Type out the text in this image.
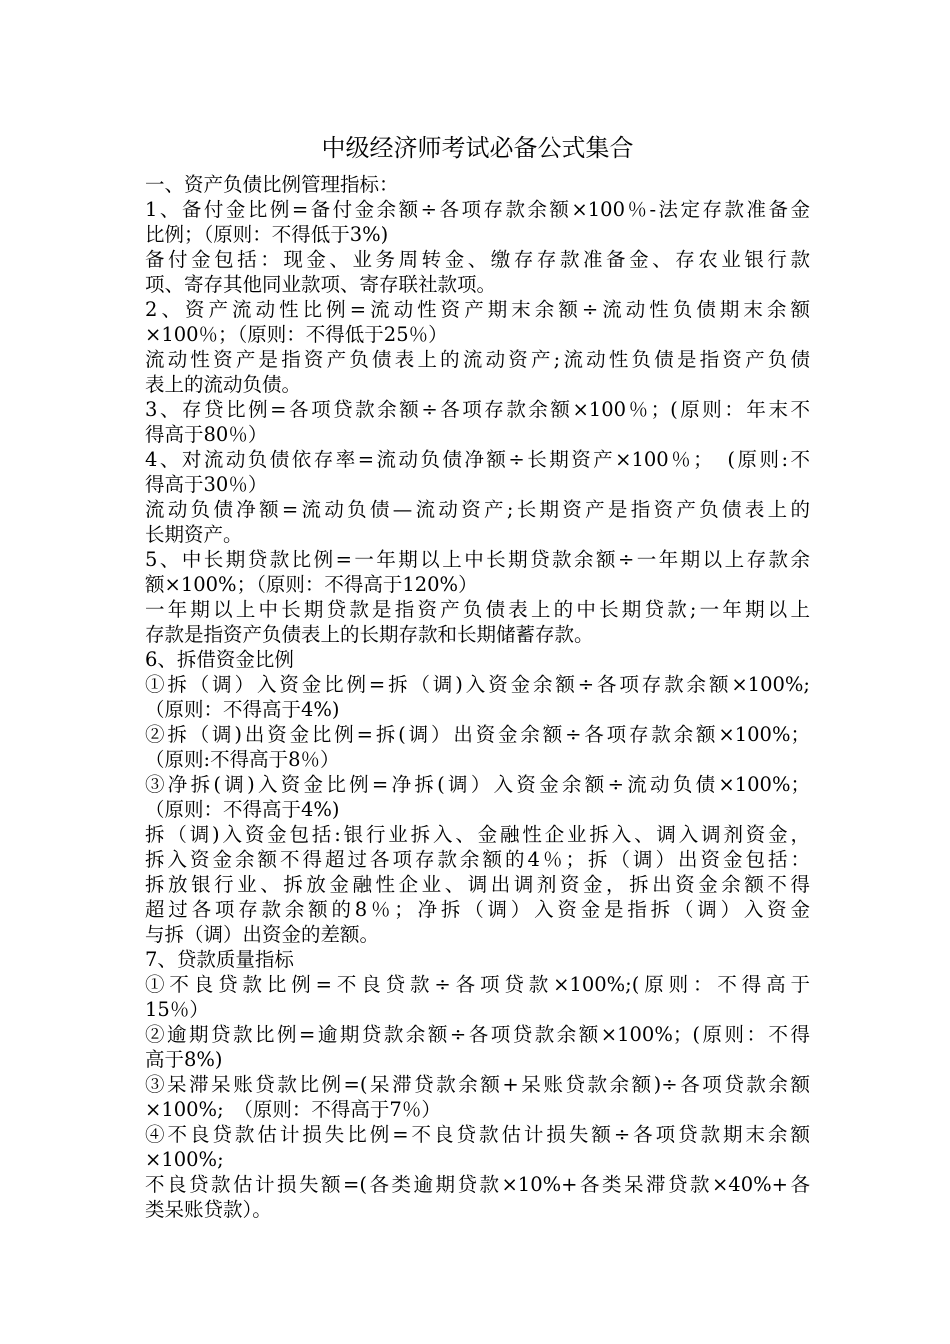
中级经济师考试必备公式集合

一、资产负债比例管理指标：

1、备付金比例=备付金余额÷各项存款余额×100％-法定存款准备金

比例；（原则：不得低于3%)

备付金包括：现金、业务周转金、缴存存款准备金、存农业银行款

项、寄存其他同业款项、寄存联社款项。

2、资产流动性比例=流动性资产期末余额÷流动性负债期末余额

×100％；（原则：不得低于25％）

流动性资产是指资产负债表上的流动资产;流动性负债是指资产负债

表上的流动负债。

3、存贷比例=各项贷款余额÷各项存款余额×100％；(原则：年末不

得高于80％）

4、对流动负债依存率=流动负债净额÷长期资产×100％；　(原则:不

得高于30％）

流动负债净额=流动负债—流动资产;长期资产是指资产负债表上的

长期资产。

5、中长期贷款比例=一年期以上中长期贷款余额÷一年期以上存款余

额×100%；（原则：不得高于120%）

一年期以上中长期贷款是指资产负债表上的中长期贷款;一年期以上

存款是指资产负债表上的长期存款和长期储蓄存款。

6、拆借资金比例

①拆（调）入资金比例=拆（调)入资金余额÷各项存款余额×100%;

（原则：不得高于4%)

②拆（调)出资金比例=拆(调）出资金余额÷各项存款余额×100%；

（原则:不得高于8％）

③净拆(调)入资金比例=净拆(调）入资金余额÷流动负债×100%；

（原则：不得高于4%)

拆（调)入资金包括:银行业拆入、金融性企业拆入、调入调剂资金，

拆入资金余额不得超过各项存款余额的4％；拆（调）出资金包括：

拆放银行业、拆放金融性企业、调出调剂资金，拆出资金余额不得

超过各项存款余额的8％；净拆（调）入资金是指拆（调）入资金

与拆（调）出资金的差额。

7、贷款质量指标

①不良贷款比例=不良贷款÷各项贷款×100%;(原则：不得高于

15％）

②逾期贷款比例=逾期贷款余额÷各项贷款余额×100%；(原则：不得

高于8%)

③呆滞呆账贷款比例=(呆滞贷款余额+呆账贷款余额)÷各项贷款余额

×100%;　（原则：不得高于7％）

④不良贷款估计损失比例=不良贷款估计损失额÷各项贷款期末余额

×100%;

不良贷款估计损失额=(各类逾期贷款×10%+各类呆滞贷款×40%+各

类呆账贷款）。
